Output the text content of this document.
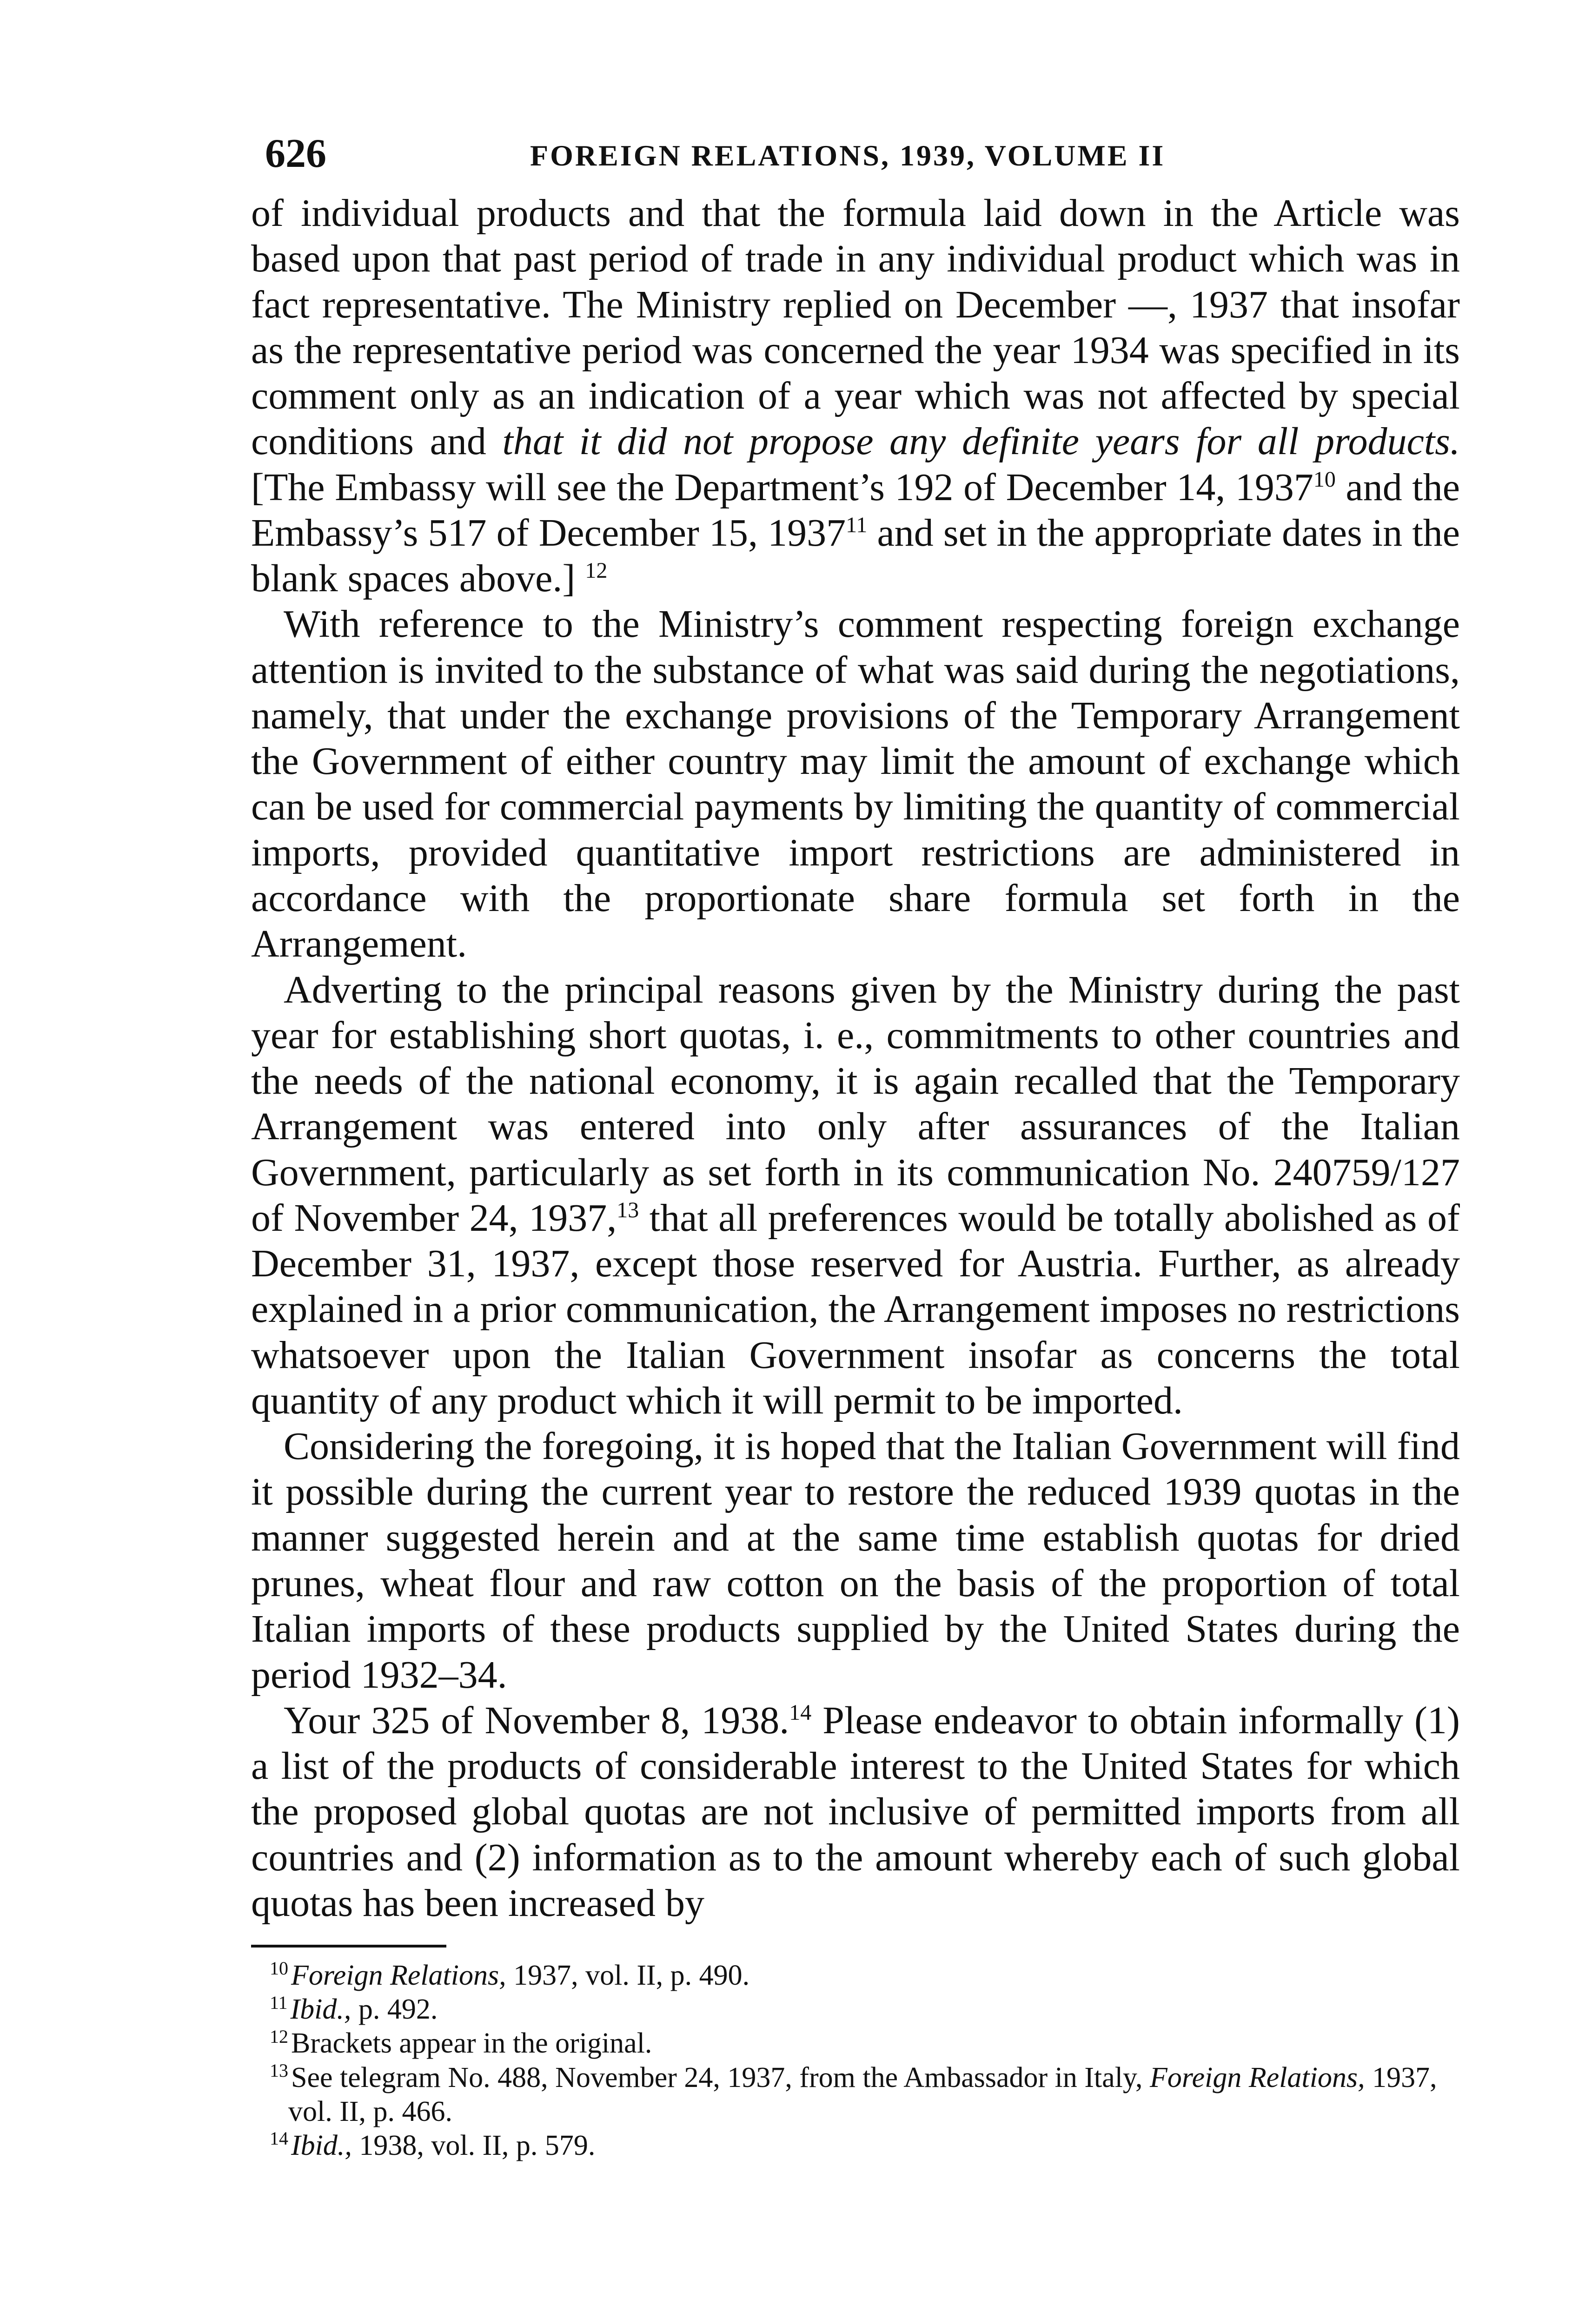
626	FOREIGN RELATIONS, 1939, VOLUME II

of individual products and that the formula laid down in the Article was based upon that past period of trade in any individual product which was in fact representative. The Ministry replied on December —, 1937 that insofar as the representative period was concerned the year 1934 was specified in its comment only as an indication of a year which was not affected by special conditions and that it did not propose any definite years for all products. [The Embassy will see the Department’s 192 of December 14, 1937$^{10}$ and the Embassy’s 517 of December 15, 1937$^{11}$ and set in the appropriate dates in the blank spaces above.] $^{12}$

With reference to the Ministry’s comment respecting foreign exchange attention is invited to the substance of what was said during the negotiations, namely, that under the exchange provisions of the Temporary Arrangement the Government of either country may limit the amount of exchange which can be used for commercial payments by limiting the quantity of commercial imports, provided quantitative import restrictions are administered in accordance with the proportionate share formula set forth in the Arrangement.

Adverting to the principal reasons given by the Ministry during the past year for establishing short quotas, i. e., commitments to other countries and the needs of the national economy, it is again recalled that the Temporary Arrangement was entered into only after assurances of the Italian Government, particularly as set forth in its communication No. 240759/127 of November 24, 1937,13 that all preferences would be totally abolished as of December 31, 1937, except those reserved for Austria. Further, as already explained in a prior communication, the Arrangement imposes no restrictions whatsoever upon the Italian Government insofar as concerns the total quantity of any product which it will permit to be imported.

Considering the foregoing, it is hoped that the Italian Government will find it possible during the current year to restore the reduced 1939 quotas in the manner suggested herein and at the same time establish quotas for dried prunes, wheat flour and raw cotton on the basis of the proportion of total Italian imports of these products supplied by the United States during the period 1932–34.

Your 325 of November 8, 1938.14 Please endeavor to obtain informally (1) a list of the products of considerable interest to the United States for which the proposed global quotas are not inclusive of permitted imports from all countries and (2) information as to the amount whereby each of such global quotas has been increased by

$^{10}$Foreign Relations, 1937, vol. II, p. 490.
$^{11}$Ibid., p. 492.
$^{12}$Brackets appear in the original.
$^{13}$See telegram No. 488, November 24, 1937, from the Ambassador in Italy, Foreign Relations, 1937, vol. II, p. 466.
$^{14}$Ibid., 1938, vol. II, p. 579.
